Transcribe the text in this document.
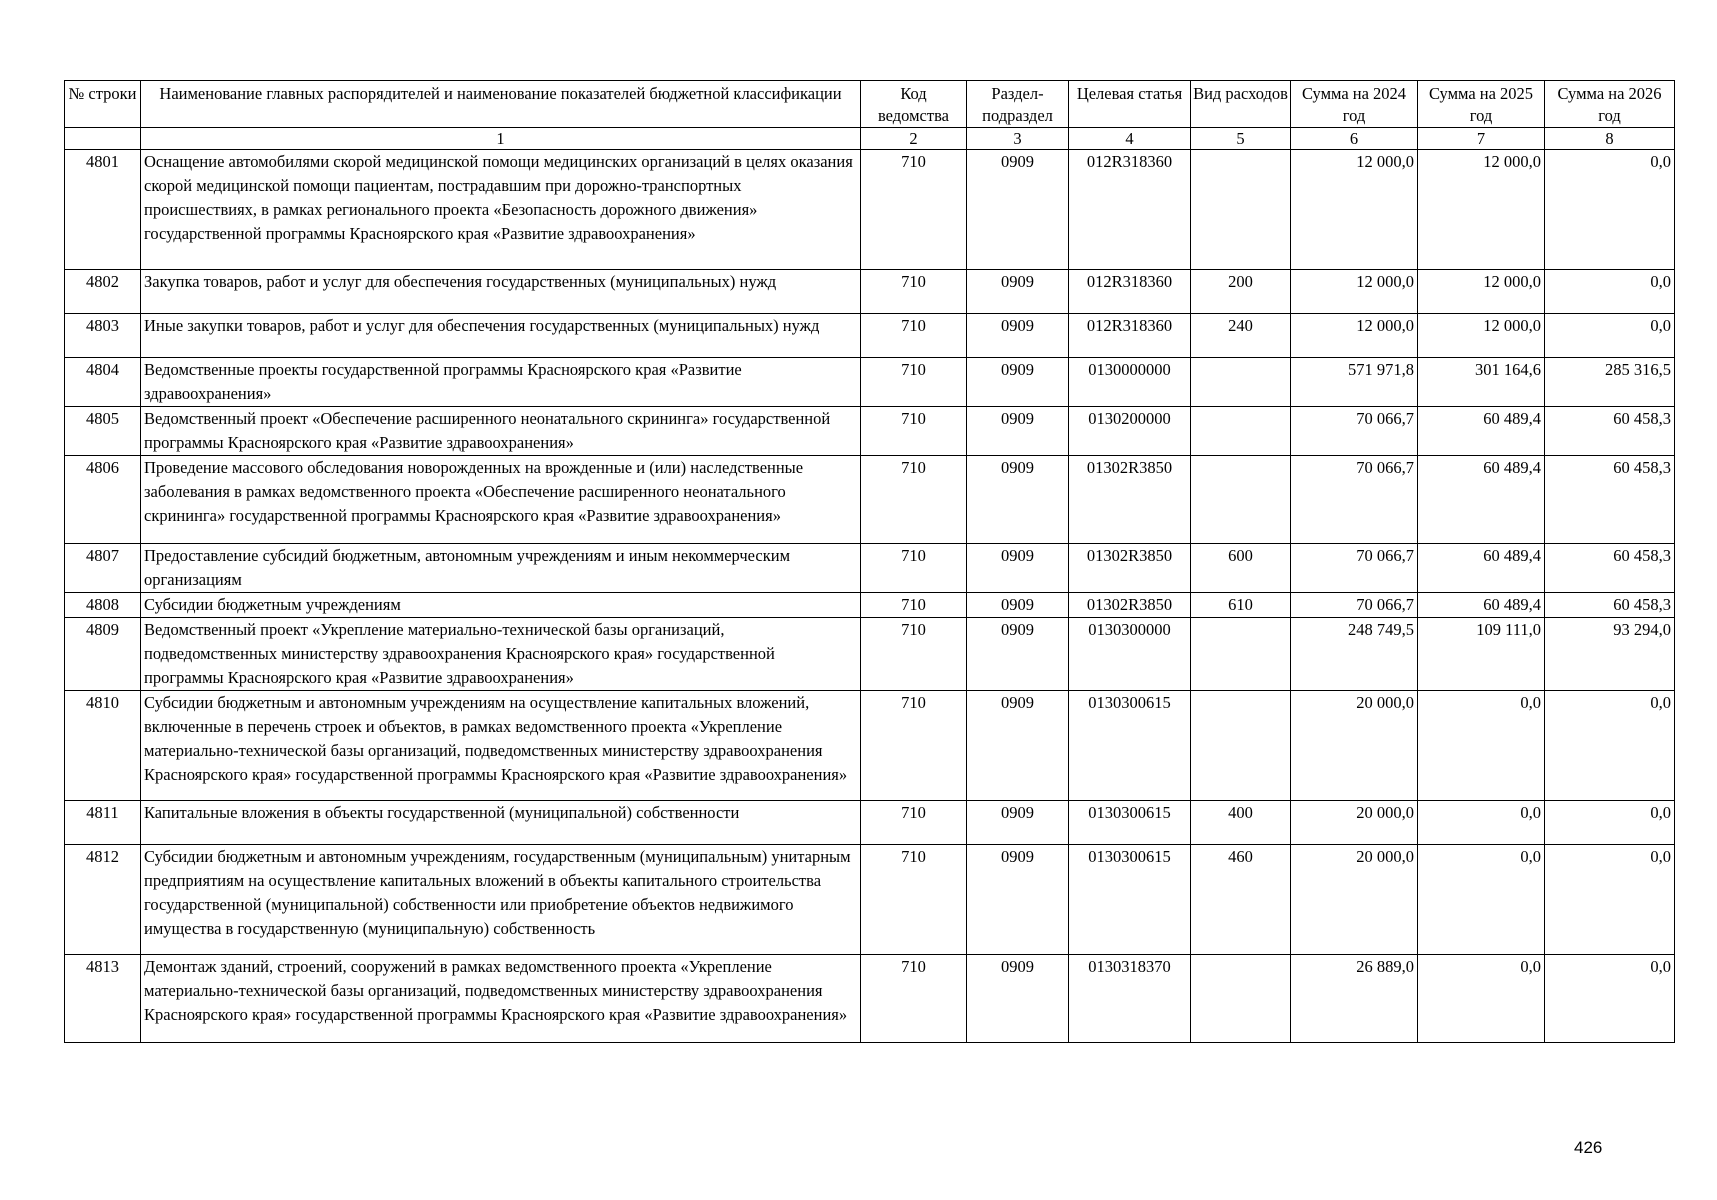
№ строки	Наименование главных распорядителей и наименование показателей бюджетной классификации	Код ведомства	Раздел-подраздел	Целевая статья	Вид расходов	Сумма на 2024 год	Сумма на 2025 год	Сумма на 2026 год
	1	2	3	4	5	6	7	8
4801	Оснащение автомобилями скорой медицинской помощи медицинских организаций в целях оказания скорой медицинской помощи пациентам, пострадавшим при дорожно-транспортных происшествиях, в рамках регионального проекта «Безопасность дорожного движения» государственной программы Красноярского края «Развитие здравоохранения»	710	0909	012R318360		12 000,0	12 000,0	0,0
4802	Закупка товаров, работ и услуг для обеспечения государственных (муниципальных) нужд	710	0909	012R318360	200	12 000,0	12 000,0	0,0
4803	Иные закупки товаров, работ и услуг для обеспечения государственных (муниципальных) нужд	710	0909	012R318360	240	12 000,0	12 000,0	0,0
4804	Ведомственные проекты государственной программы Красноярского края «Развитие здравоохранения»	710	0909	0130000000		571 971,8	301 164,6	285 316,5
4805	Ведомственный проект «Обеспечение расширенного неонатального скрининга» государственной программы Красноярского края «Развитие здравоохранения»	710	0909	0130200000		70 066,7	60 489,4	60 458,3
4806	Проведение массового обследования новорожденных на врожденные и (или) наследственные заболевания в рамках ведомственного проекта «Обеспечение расширенного неонатального скрининга» государственной программы Красноярского края «Развитие здравоохранения»	710	0909	01302R3850		70 066,7	60 489,4	60 458,3
4807	Предоставление субсидий бюджетным, автономным учреждениям и иным некоммерческим организациям	710	0909	01302R3850	600	70 066,7	60 489,4	60 458,3
4808	Субсидии бюджетным учреждениям	710	0909	01302R3850	610	70 066,7	60 489,4	60 458,3
4809	Ведомственный проект «Укрепление материально-технической базы организаций, подведомственных министерству здравоохранения Красноярского края» государственной программы Красноярского края «Развитие здравоохранения»	710	0909	0130300000		248 749,5	109 111,0	93 294,0
4810	Субсидии бюджетным и автономным учреждениям на осуществление капитальных вложений, включенные в перечень строек и объектов, в рамках ведомственного проекта «Укрепление материально-технической базы организаций, подведомственных министерству здравоохранения Красноярского края» государственной программы Красноярского края «Развитие здравоохранения»	710	0909	0130300615		20 000,0	0,0	0,0
4811	Капитальные вложения в объекты государственной (муниципальной) собственности	710	0909	0130300615	400	20 000,0	0,0	0,0
4812	Субсидии бюджетным и автономным учреждениям, государственным (муниципальным) унитарным предприятиям на осуществление капитальных вложений в объекты капитального строительства государственной (муниципальной) собственности или приобретение объектов недвижимого имущества в государственную (муниципальную) собственность	710	0909	0130300615	460	20 000,0	0,0	0,0
4813	Демонтаж зданий, строений, сооружений в рамках ведомственного проекта «Укрепление материально-технической базы организаций, подведомственных министерству здравоохранения Красноярского края» государственной программы Красноярского края «Развитие здравоохранения»	710	0909	0130318370		26 889,0	0,0	0,0
426
